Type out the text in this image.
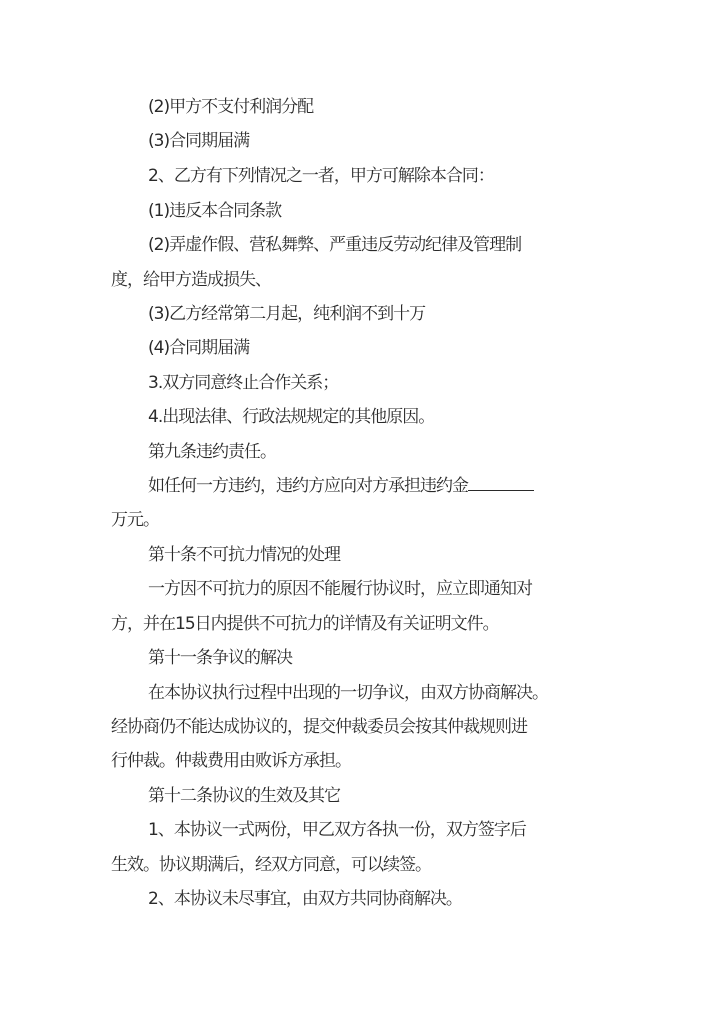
(2)甲方不支付利润分配

(3)合同期届满

2、乙方有下列情况之一者，甲方可解除本合同：

(1)违反本合同条款

(2)弄虚作假、营私舞弊、严重违反劳动纪律及管理制

度，给甲方造成损失、

(3)乙方经常第二月起，纯利润不到十万

(4)合同期届满

3.双方同意终止合作关系；

4.出现法律、行政法规规定的其他原因。

第九条违约责任。

如任何一方违约，违约方应向对方承担违约金

万元。

第十条不可抗力情况的处理

一方因不可抗力的原因不能履行协议时，应立即通知对

方，并在15日内提供不可抗力的详情及有关证明文件。

第十一条争议的解决

在本协议执行过程中出现的一切争议，由双方协商解决。

经协商仍不能达成协议的，提交仲裁委员会按其仲裁规则进

行仲裁。仲裁费用由败诉方承担。

第十二条协议的生效及其它

1、本协议一式两份，甲乙双方各执一份，双方签字后

生效。协议期满后，经双方同意，可以续签。

2、本协议未尽事宜，由双方共同协商解决。
